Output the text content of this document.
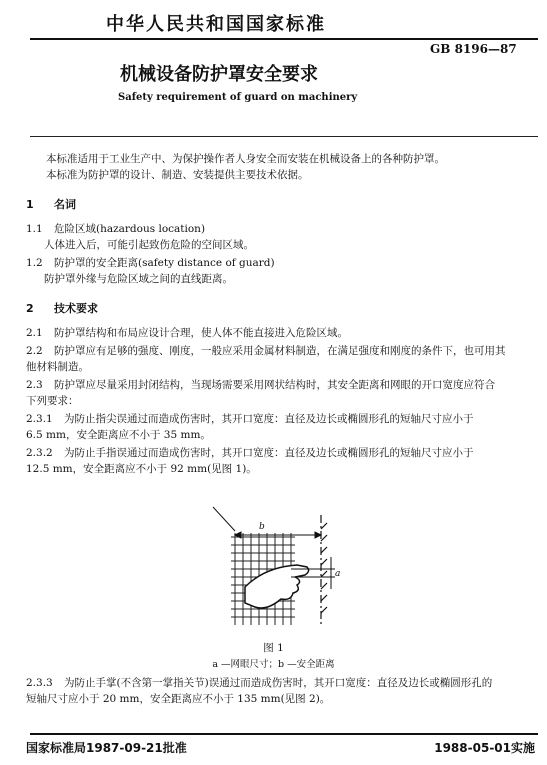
中华人民共和国国家标准
GB 8196—87
机械设备防护罩安全要求
Safety requirement of guard on machinery
本标准适用于工业生产中、为保护操作者人身安全而安装在机械设备上的各种防护罩。
本标准为防护罩的设计、制造、安装提供主要技术依据。
1 名词
1.1 危险区域(hazardous location)
人体进入后，可能引起致伤危险的空间区域。
1.2 防护罩的安全距离(safety distance of guard)
防护罩外缘与危险区域之间的直线距离。
2 技术要求
2.1 防护罩结构和布局应设计合理，使人体不能直接进入危险区域。
2.2 防护罩应有足够的强度、刚度，一般应采用金属材料制造，在满足强度和刚度的条件下，也可用其
他材料制造。
2.3 防护罩应尽量采用封闭结构，当现场需要采用网状结构时，其安全距离和网眼的开口宽度应符合
下列要求：
2.3.1 为防止指尖误通过而造成伤害时，其开口宽度：直径及边长或椭圆形孔的短轴尺寸应小于
6.5 mm，安全距离应不小于 35 mm。
2.3.2 为防止手指误通过而造成伤害时，其开口宽度：直径及边长或椭圆形孔的短轴尺寸应小于
12.5 mm，安全距离应不小于 92 mm(见图 1)。
b
a
图 1
a —网眼尺寸；b —安全距离
2.3.3 为防止手掌(不含第一掌指关节)误通过而造成伤害时，其开口宽度：直径及边长或椭圆形孔的
短轴尺寸应小于 20 mm，安全距离应不小于 135 mm(见图 2)。
国家标准局1987-09-21批准	1988-05-01实施
